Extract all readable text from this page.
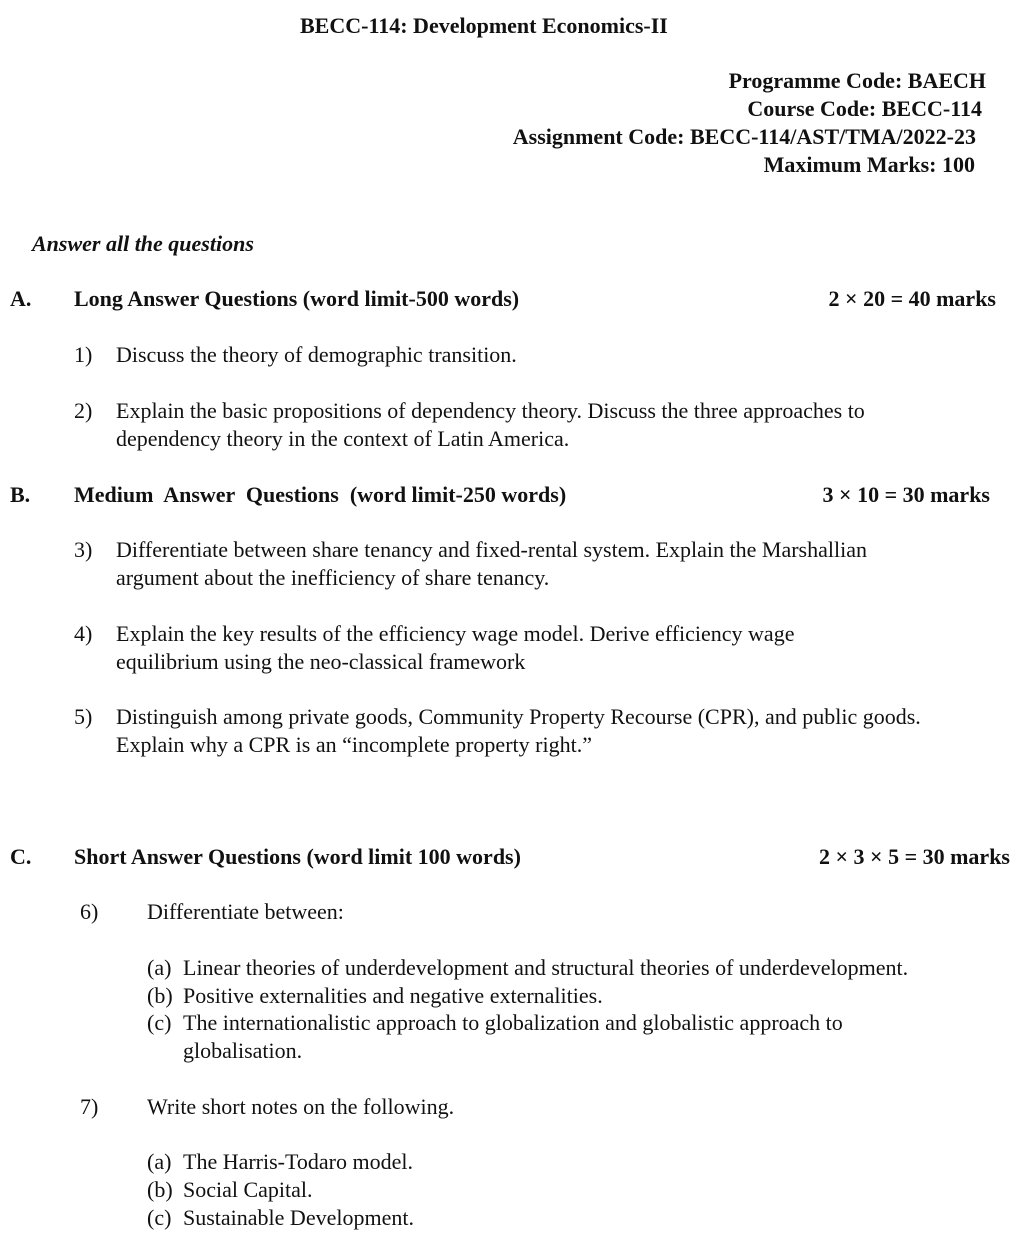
BECC-114: Development Economics-II
Programme Code: BAECH
Course Code: BECC-114
Assignment Code: BECC-114/AST/TMA/2022-23
Maximum Marks: 100
Answer all the questions
A. Long Answer Questions (word limit-500 words)	2 × 20 = 40 marks
1) Discuss the theory of demographic transition.
2) Explain the basic propositions of dependency theory. Discuss the three approaches to
dependency theory in the context of Latin America.
B. Medium  Answer  Questions  (word limit-250 words)	3 × 10 = 30 marks
3) Differentiate between share tenancy and fixed-rental system. Explain the Marshallian
argument about the inefficiency of share tenancy.
4) Explain the key results of the efficiency wage model. Derive efficiency wage
equilibrium using the neo-classical framework
5) Distinguish among private goods, Community Property Recourse (CPR), and public goods.
Explain why a CPR is an “incomplete property right.”
C. Short Answer Questions (word limit 100 words)	2 × 3 × 5 = 30 marks
6) Differentiate between:
(a) Linear theories of underdevelopment and structural theories of underdevelopment.
(b) Positive externalities and negative externalities.
(c) The internationalistic approach to globalization and globalistic approach to
globalisation.
7) Write short notes on the following.
(a) The Harris-Todaro model.
(b) Social Capital.
(c) Sustainable Development.
